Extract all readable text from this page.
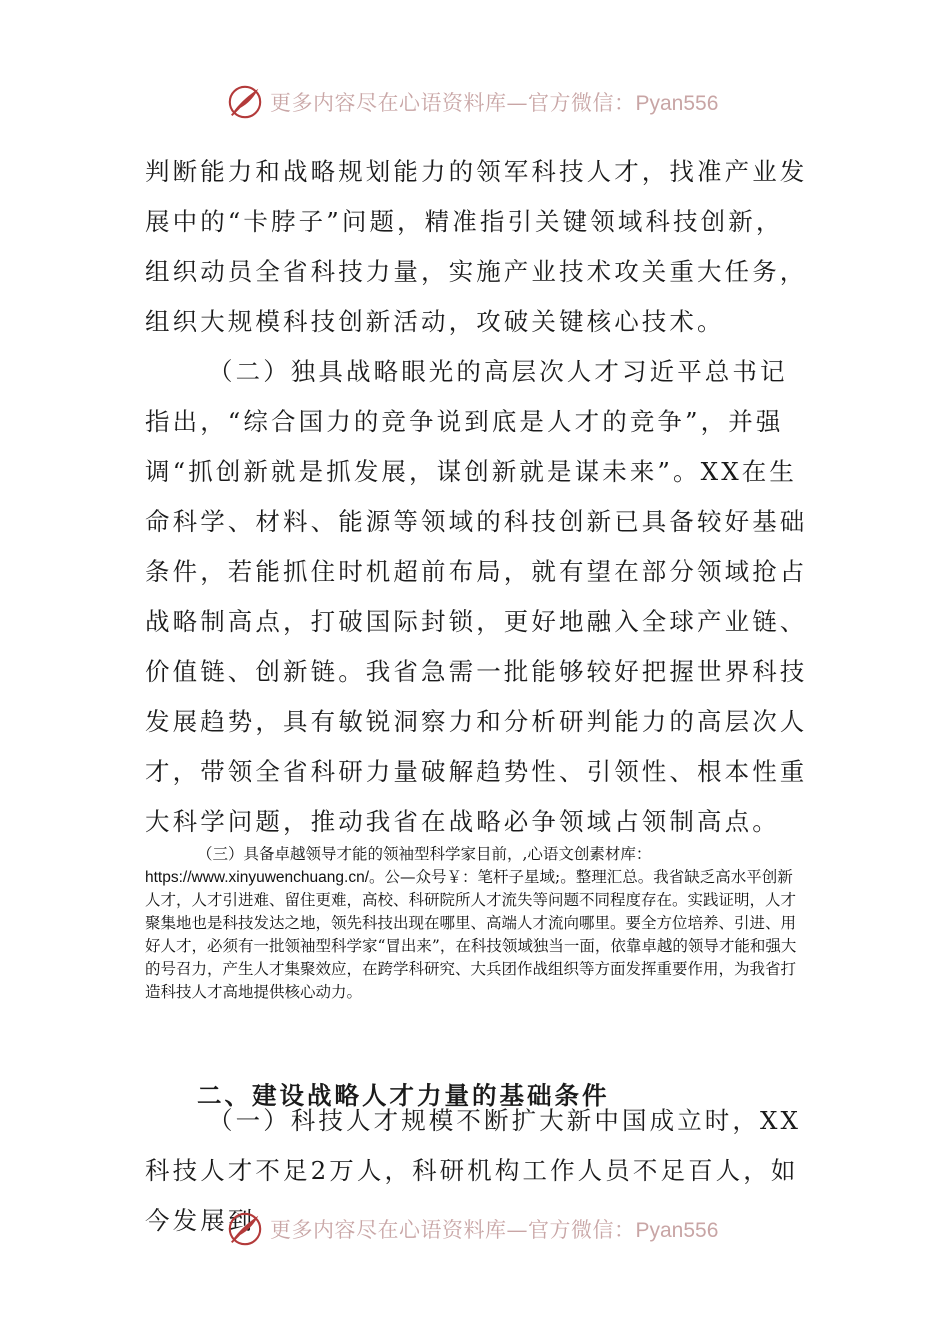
更多内容尽在心语资料库—官方微信：Pyan556

判断能力和战略规划能力的领军科技人才，找准产业发展中的“卡脖子”问题，精准指引关键领域科技创新，组织动员全省科技力量，实施产业技术攻关重大任务，组织大规模科技创新活动，攻破关键核心技术。

（二）独具战略眼光的高层次人才习近平总书记指出，“综合国力的竞争说到底是人才的竞争”，并强调“抓创新就是抓发展，谋创新就是谋未来”。XX在生命科学、材料、能源等领域的科技创新已具备较好基础条件，若能抓住时机超前布局，就有望在部分领域抢占战略制高点，打破国际封锁，更好地融入全球产业链、价值链、创新链。我省急需一批能够较好把握世界科技发展趋势，具有敏锐洞察力和分析研判能力的高层次人才，带领全省科研力量破解趋势性、引领性、根本性重大科学问题，推动我省在战略必争领域占领制高点。

（三）具备卓越领导才能的领袖型科学家目前，,心语文创素材库：https://www.xinyuwenchuang.cn/。公—众号￥：笔杆子星域;。整理汇总。我省缺乏高水平创新人才，人才引进难、留住更难，高校、科研院所人才流失等问题不同程度存在。实践证明，人才聚集地也是科技发达之地，领先科技出现在哪里、高端人才流向哪里。要全方位培养、引进、用好人才，必须有一批领袖型科学家“冒出来”，在科技领域独当一面，依靠卓越的领导才能和强大的号召力，产生人才集聚效应，在跨学科研究、大兵团作战组织等方面发挥重要作用，为我省打造科技人才高地提供核心动力。

二、建设战略人才力量的基础条件

（一）科技人才规模不断扩大新中国成立时，XX科技人才不足2万人，科研机构工作人员不足百人，如今发展到 更多内容尽在心语资料库—官方微信：Pyan556
